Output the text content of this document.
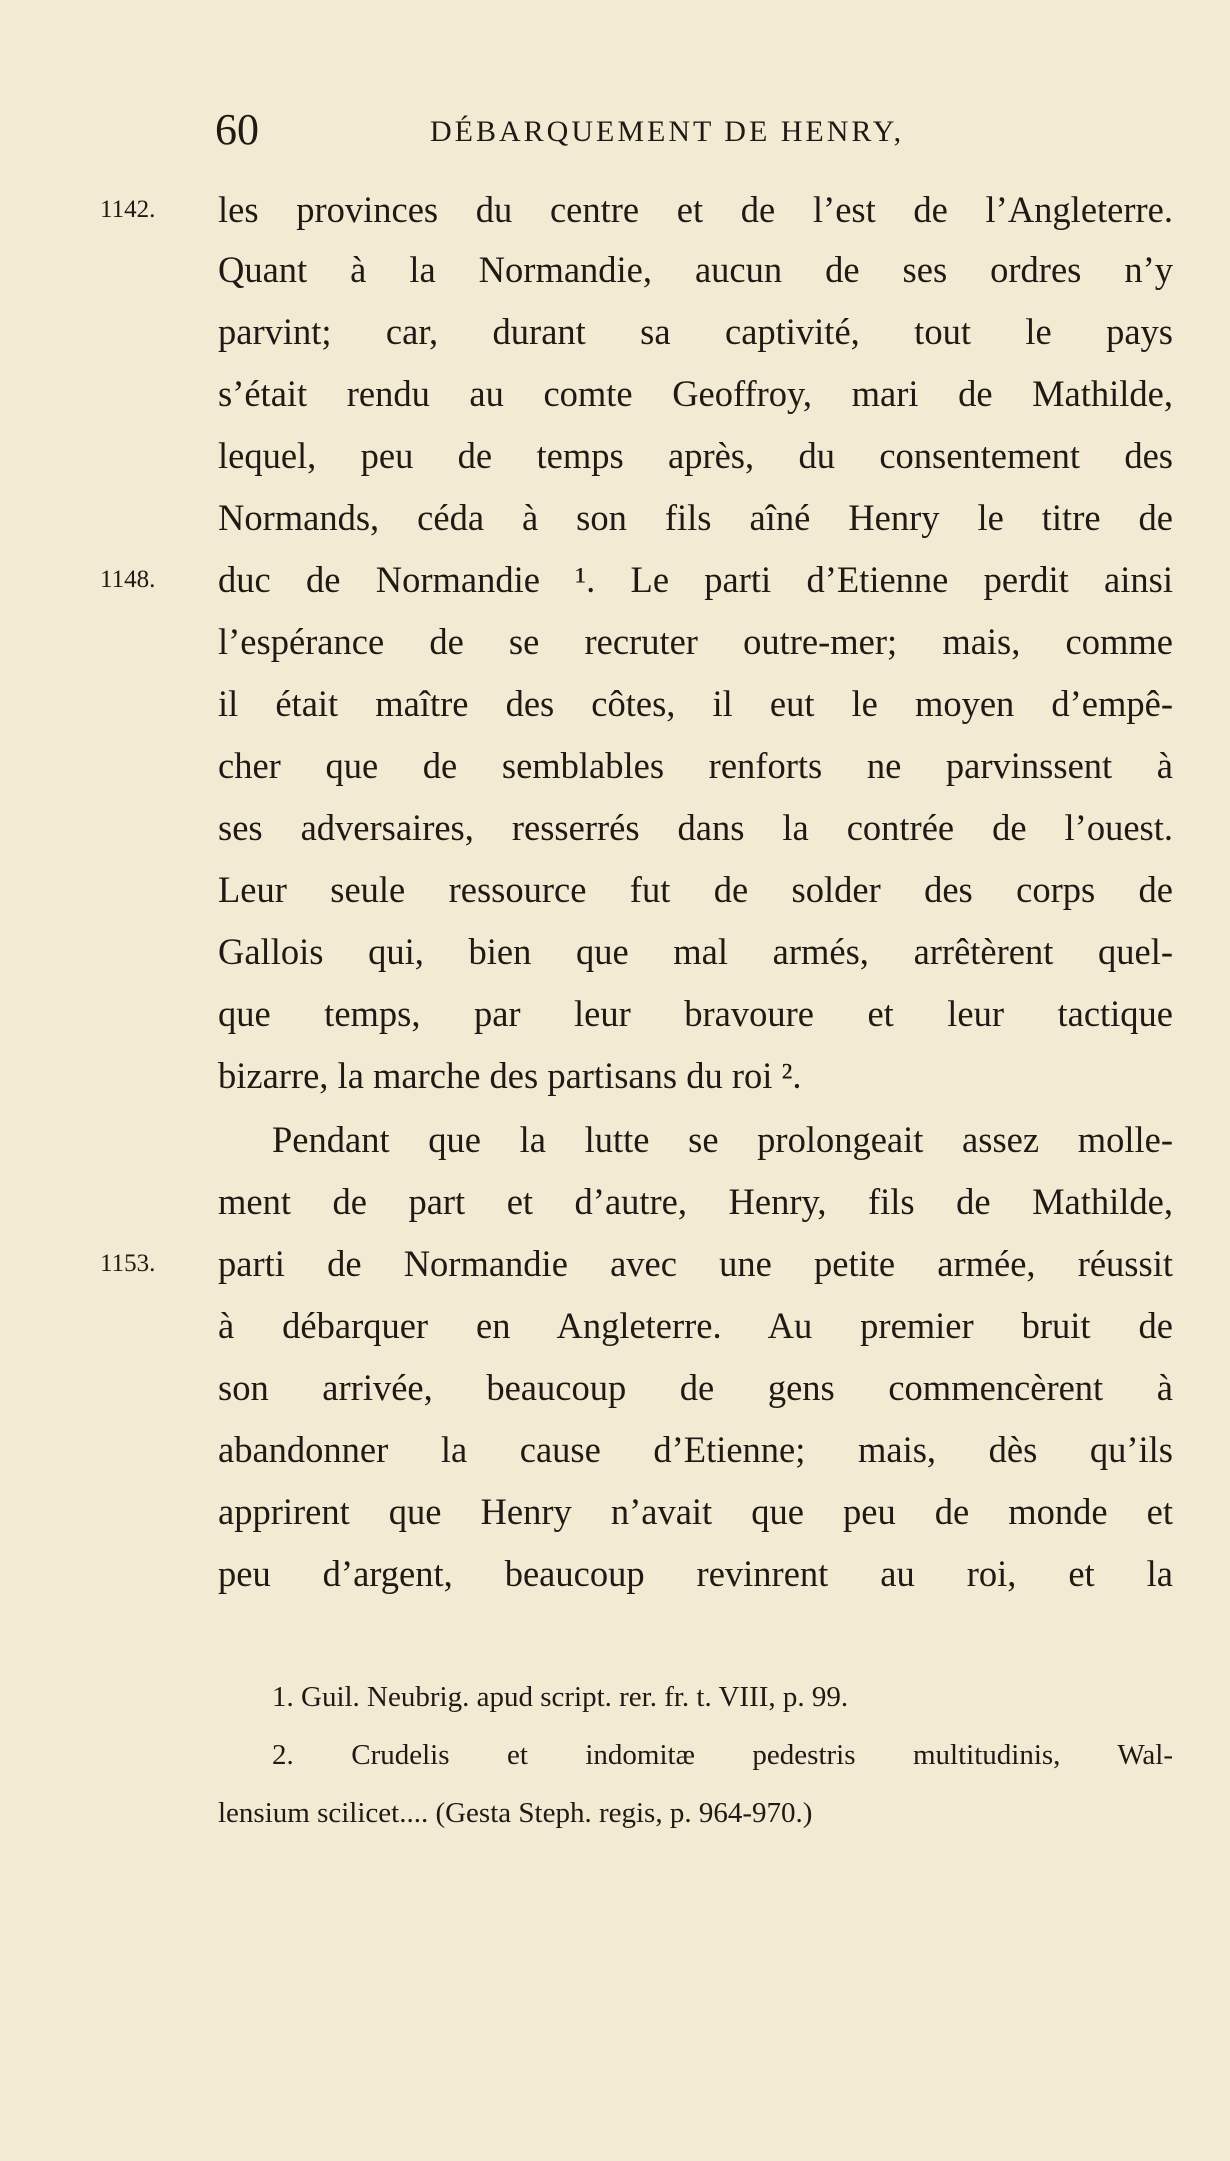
60	DÉBARQUEMENT DE HENRY,
1142.
1148.
1153.
les provinces du centre et de l’est de l’Angleterre.
Quant à la Normandie, aucun de ses ordres n’y
parvint; car, durant sa captivité, tout le pays
s’était rendu au comte Geoffroy, mari de Mathilde,
lequel, peu de temps après, du consentement des
Normands, céda à son fils aîné Henry le titre de
duc de Normandie ¹. Le parti d’Etienne perdit ainsi
l’espérance de se recruter outre-mer; mais, comme
il était maître des côtes, il eut le moyen d’empê-
cher que de semblables renforts ne parvinssent à
ses adversaires, resserrés dans la contrée de l’ouest.
Leur seule ressource fut de solder des corps de
Gallois qui, bien que mal armés, arrêtèrent quel-
que temps, par leur bravoure et leur tactique
bizarre, la marche des partisans du roi ².
Pendant que la lutte se prolongeait assez molle-
ment de part et d’autre, Henry, fils de Mathilde,
parti de Normandie avec une petite armée, réussit
à débarquer en Angleterre. Au premier bruit de
son arrivée, beaucoup de gens commencèrent à
abandonner la cause d’Etienne; mais, dès qu’ils
apprirent que Henry n’avait que peu de monde et
peu d’argent, beaucoup revinrent au roi, et la
1. Guil. Neubrig. apud script. rer. fr. t. VIII, p. 99.
2. Crudelis et indomitæ pedestris multitudinis, Wal-
lensium scilicet.... (Gesta Steph. regis, p. 964-970.)
